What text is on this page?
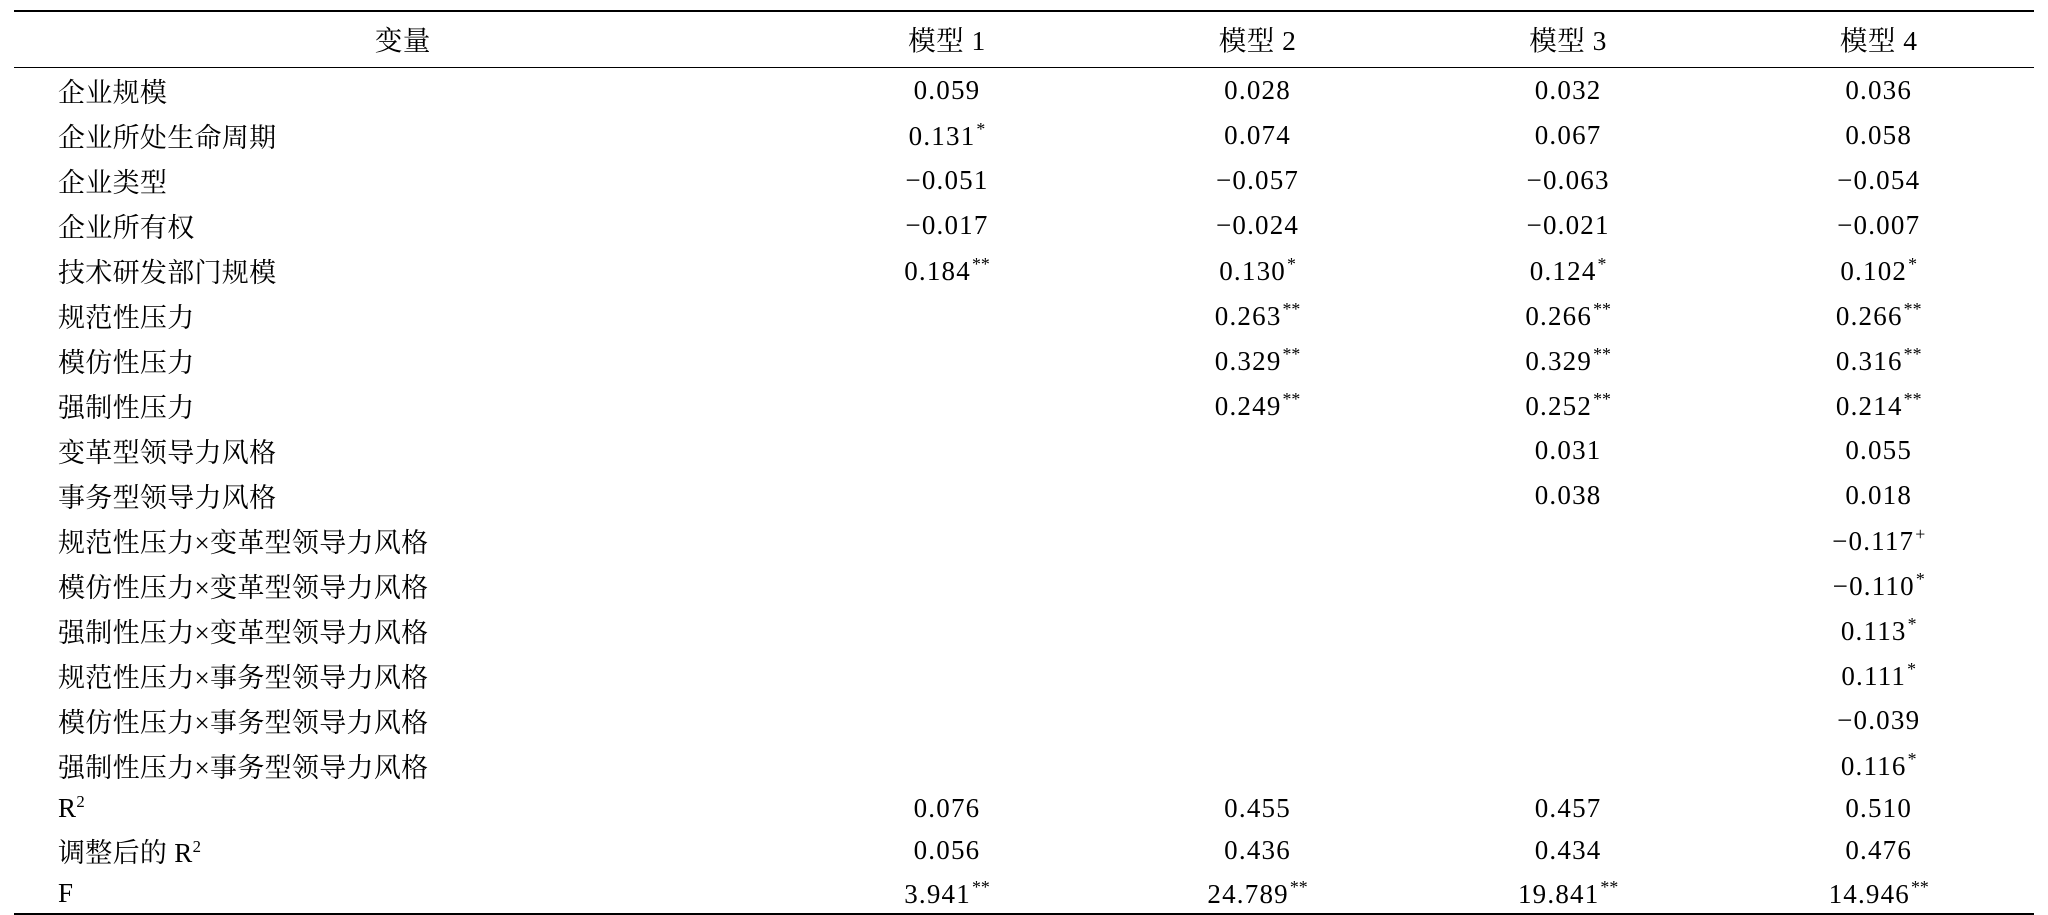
变量	模型 1	模型 2	模型 3	模型 4

企业规模	0.059	0.028	0.032	0.036
企业所处生命周期	0.131*	0.074	0.067	0.058
企业类型	−0.051	−0.057	−0.063	−0.054
企业所有权	−0.017	−0.024	−0.021	−0.007
技术研发部门规模	0.184**	0.130*	0.124*	0.102*
规范性压力		0.263**	0.266**	0.266**
模仿性压力		0.329**	0.329**	0.316**
强制性压力		0.249**	0.252**	0.214**
变革型领导力风格			0.031	0.055
事务型领导力风格			0.038	0.018
规范性压力×变革型领导力风格				−0.117+
模仿性压力×变革型领导力风格				−0.110*
强制性压力×变革型领导力风格				0.113*
规范性压力×事务型领导力风格				0.111*
模仿性压力×事务型领导力风格				−0.039
强制性压力×事务型领导力风格				0.116*
$R^2$	0.076	0.455	0.457	0.510
调整后的 $R^2$	0.056	0.436	0.434	0.476
F	3.941**	24.789**	19.841**	14.946**
